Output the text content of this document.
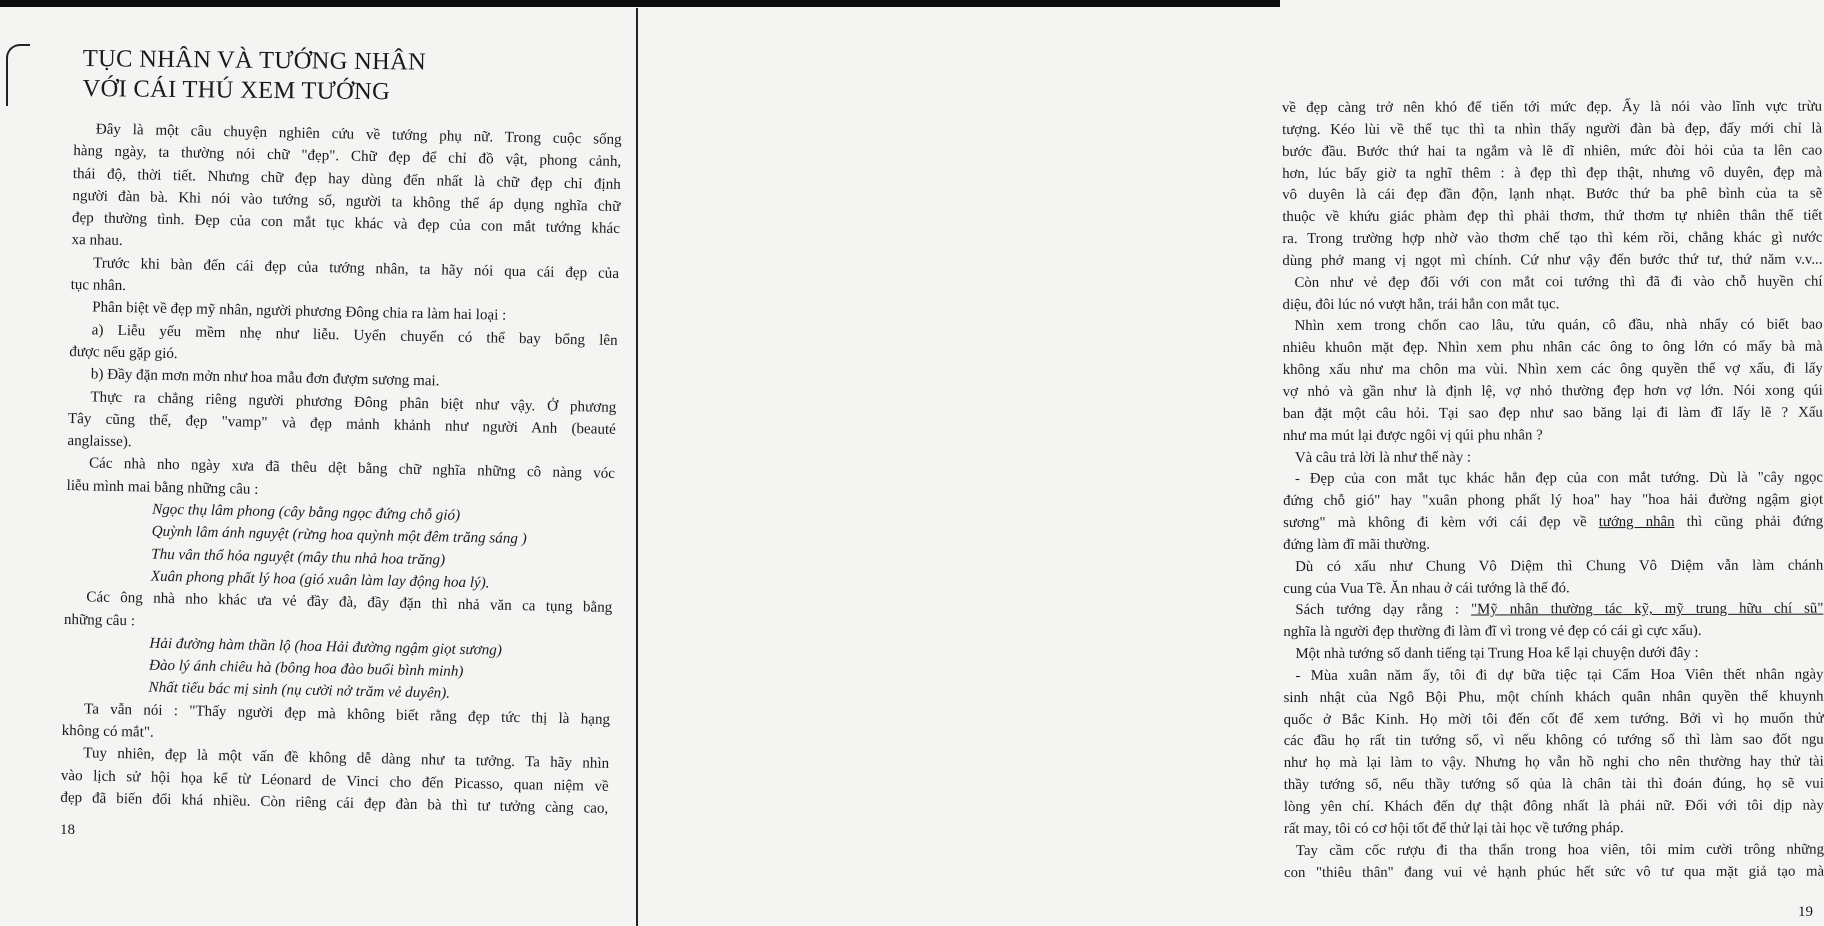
TỤC NHÂN VÀ TƯỚNG NHÂN
VỚI CÁI THÚ XEM TƯỚNG
Đây là một câu chuyện nghiên cứu về tướng phụ nữ. Trong cuộc sống
hàng ngày, ta thường nói chữ "đẹp". Chữ đẹp để chỉ đồ vật, phong cảnh,
thái độ, thời tiết. Nhưng chữ đẹp hay dùng đến nhất là chữ đẹp chỉ định
người đàn bà. Khi nói vào tướng số, người ta không thể áp dụng nghĩa chữ
đẹp thường tình. Đẹp của con mắt tục khác và đẹp của con mắt tướng khác
xa nhau.
Trước khi bàn đến cái đẹp của tướng nhân, ta hãy nói qua cái đẹp của
tục nhân.
Phân biệt về đẹp mỹ nhân, người phương Đông chia ra làm hai loại :
a) Liễu yếu mềm nhẹ như liễu. Uyển chuyển có thể bay bổng lên
được nếu gặp gió.
b) Đầy đặn mơn mởn như hoa mẫu đơn đượm sương mai.
Thực ra chẳng riêng người phương Đông phân biệt như vậy. Ở phương
Tây cũng thế, đẹp "vamp" và đẹp mảnh khảnh như người Anh (beauté
anglaisse).
Các nhà nho ngày xưa đã thêu dệt bằng chữ nghĩa những cô nàng vóc
liễu mình mai bằng những câu :
Ngọc thụ lâm phong (cây bằng ngọc đứng chỗ gió)
Quỳnh lâm ánh nguyệt (rừng hoa quỳnh một đêm trăng sáng )
Thu vân thổ hỏa nguyệt (mây thu nhả hoa trăng)
Xuân phong phất lý hoa (gió xuân làm lay động hoa lý).
Các ông nhà nho khác ưa vẻ đầy đà, đầy đặn thì nhả văn ca tụng bằng
những câu :
Hải đường hàm thần lộ (hoa Hải đường ngậm giọt sương)
Đào lý ánh chiêu hà (bông hoa đào buổi bình minh)
Nhất tiếu bác mị sinh (nụ cười nở trăm vẻ duyên).
Ta vẫn nói : "Thấy người đẹp mà không biết rằng đẹp tức thị là hạng
không có mắt".
Tuy nhiên, đẹp là một vấn đề không dễ dàng như ta tưởng. Ta hãy nhìn
vào lịch sử hội họa kể từ Léonard de Vinci cho đến Picasso, quan niệm về
đẹp đã biến đổi khá nhiều. Còn riêng cái đẹp đàn bà thì tư tưởng càng cao,
18
về đẹp càng trở nên khó để tiến tới mức đẹp. Ấy là nói vào lĩnh vực trừu
tượng. Kéo lùi về thế tục thì ta nhìn thấy người đàn bà đẹp, đấy mới chỉ là
bước đầu. Bước thứ hai ta ngắm và lẽ dĩ nhiên, mức đòi hỏi của ta lên cao
hơn, lúc bấy giờ ta nghĩ thêm : à đẹp thì đẹp thật, nhưng vô duyên, đẹp mà
vô duyên là cái đẹp đần độn, lạnh nhạt. Bước thứ ba phê bình của ta sẽ
thuộc về khứu giác phàm đẹp thì phải thơm, thứ thơm tự nhiên thân thể tiết
ra. Trong trường hợp nhờ vào thơm chế tạo thì kém rồi, chẳng khác gì nước
dùng phở mang vị ngọt mì chính. Cứ như vậy đến bước thứ tư, thứ năm v.v...
Còn như vẻ đẹp đối với con mắt coi tướng thì đã đi vào chỗ huyền chí
diệu, đôi lúc nó vượt hẳn, trái hẳn con mắt tục.
Nhìn xem trong chốn cao lâu, tửu quán, cô đầu, nhà nhẩy có biết bao
nhiêu khuôn mặt đẹp. Nhìn xem phu nhân các ông to ông lớn có mấy bà mà
không xấu như ma chôn ma vùi. Nhìn xem các ông quyền thế vợ xấu, đi lấy
vợ nhỏ và gần như là định lệ, vợ nhỏ thường đẹp hơn vợ lớn. Nói xong qúi
ban đặt một câu hỏi. Tại sao đẹp như sao băng lại đi làm đĩ lấy lẽ ? Xấu
như ma mút lại được ngôi vị qúi phu nhân ?
Và câu trả lời là như thế này :
- Đẹp của con mắt tục khác hẳn đẹp của con mắt tướng. Dù là "cây ngọc
đứng chỗ gió" hay "xuân phong phất lý hoa" hay "hoa hải đường ngậm giọt
sương" mà không đi kèm với cái đẹp về tướng nhân thì cũng phải đứng
đứng làm đĩ mãi thường.
Dù có xấu như Chung Vô Diệm thì Chung Vô Diệm vẫn làm chánh
cung của Vua Tề. Ăn nhau ở cái tướng là thế đó.
Sách tướng dạy rằng : "Mỹ nhân thường tác kỹ, mỹ trung hữu chí sũ"
nghĩa là người đẹp thường đi làm đĩ vì trong vẻ đẹp có cái gì cực xấu).
Một nhà tướng số danh tiếng tại Trung Hoa kể lại chuyện dưới đây :
- Mùa xuân năm ấy, tôi đi dự bữa tiệc tại Cẩm Hoa Viên thết nhân ngày
sinh nhật của Ngô Bội Phu, một chính khách quân nhân quyền thế khuynh
quốc ở Bắc Kinh. Họ mời tôi đến cốt để xem tướng. Bởi vì họ muốn thử
các đầu họ rất tin tướng số, vì nếu không có tướng số thì làm sao đốt ngu
như họ mà lại làm to vậy. Nhưng họ vẫn hồ nghi cho nên thường hay thử tài
thầy tướng số, nếu thầy tướng số qủa là chân tài thì đoán đúng, họ sẽ vui
lòng yên chí. Khách đến dự thật đông nhất là phái nữ. Đối với tôi dịp này
rất may, tôi có cơ hội tốt để thử lại tài học về tướng pháp.
Tay cầm cốc rượu đi tha thẩn trong hoa viên, tôi mỉm cười trông những
con "thiêu thân" đang vui vẻ hạnh phúc hết sức vô tư qua mặt giả tạo mà
19
